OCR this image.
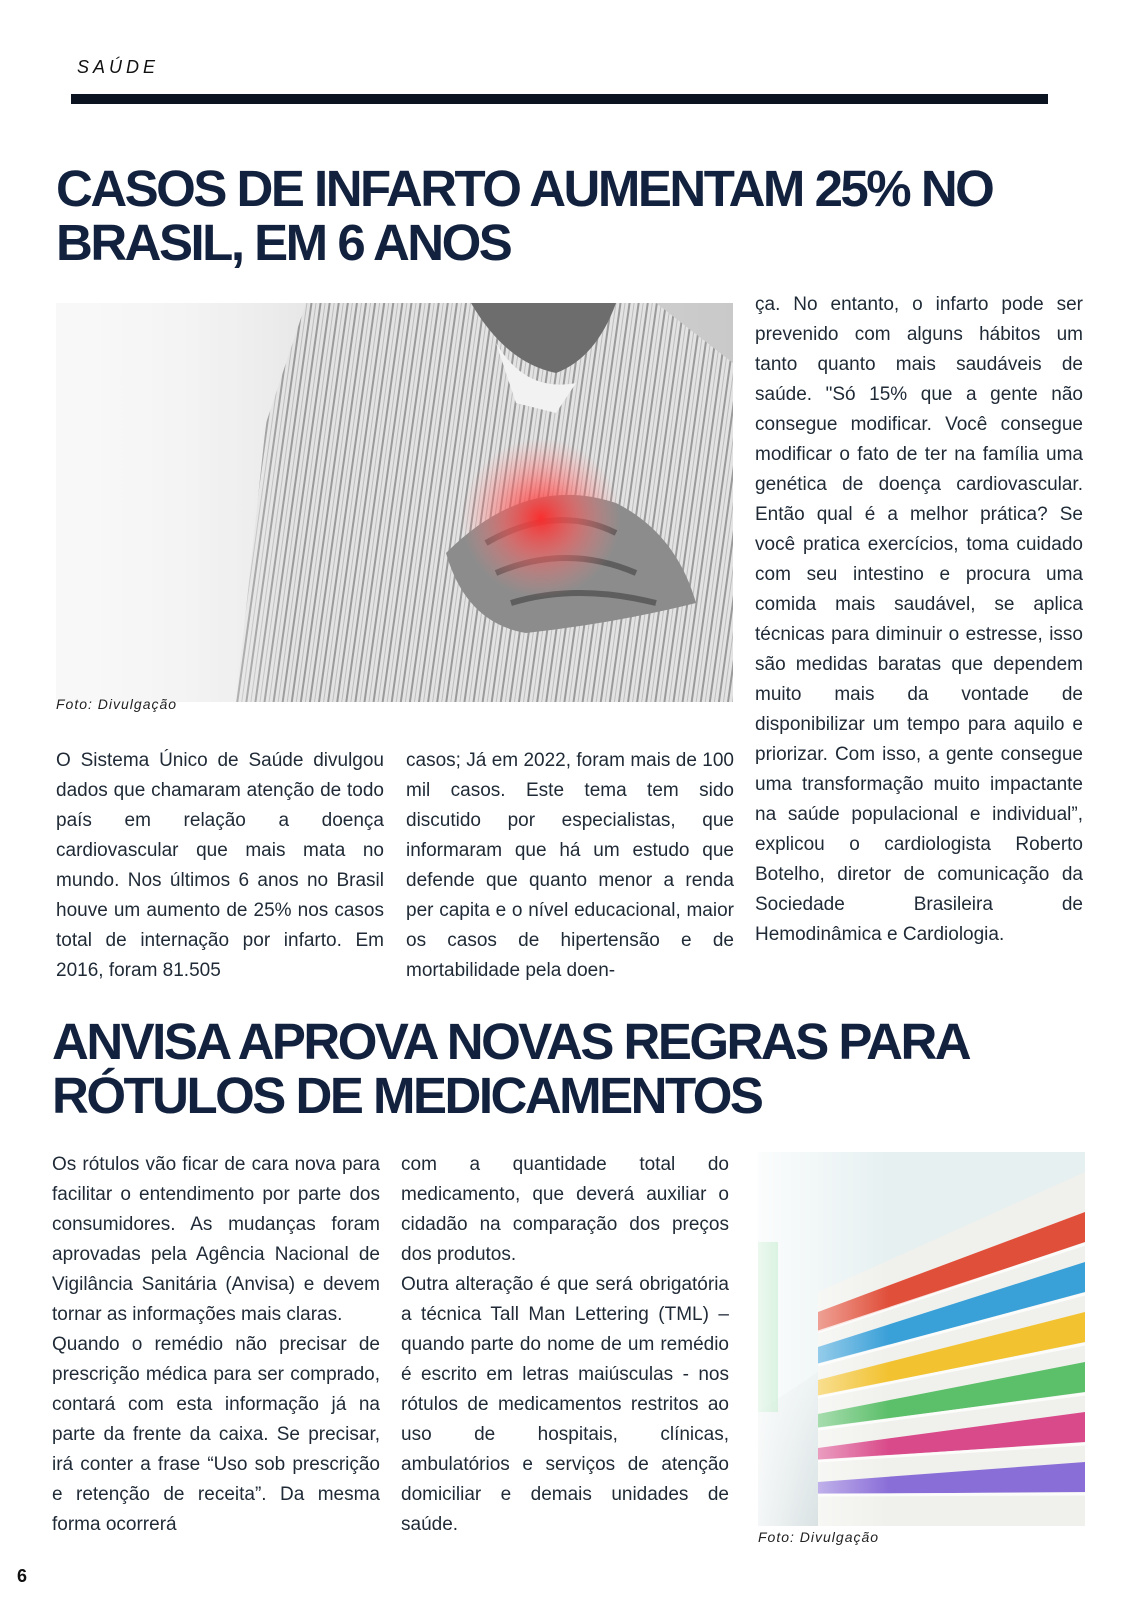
SAÚDE
CASOS DE INFARTO AUMENTAM 25% NO
BRASIL, EM 6 ANOS
Foto: Divulgação

O Sistema Único de Saúde divulgou dados que chamaram atenção de todo país em relação a doença cardiovascular que mais mata no mundo. Nos últimos 6 anos no Brasil houve um aumento de 25% nos casos total de internação por infarto. Em 2016, foram 81.505

casos; Já em 2022, foram mais de 100 mil casos. Este tema tem sido discutido por especialistas, que informaram que há um estudo que defende que quanto menor a renda per capita e o nível educacional, maior os casos de hipertensão e de mortabilidade pela doen-

ça. No entanto, o infarto pode ser prevenido com alguns hábitos um tanto quanto mais saudáveis de saúde. "Só 15% que a gente não consegue modificar. Você consegue modificar o fato de ter na família uma genética de doença cardiovascular. Então qual é a melhor prática? Se você pratica exercícios, toma cuidado com seu intestino e procura uma comida mais saudável, se aplica técnicas para diminuir o estresse, isso são medidas baratas que dependem muito mais da vontade de disponibilizar um tempo para aquilo e priorizar. Com isso, a gente consegue uma transformação muito impactante na saúde populacional e individual”, explicou o cardiologista Roberto Botelho, diretor de comunicação da Sociedade Brasileira de Hemodinâmica e Cardiologia.

ANVISA APROVA NOVAS REGRAS PARA
RÓTULOS DE MEDICAMENTOS

Os rótulos vão ficar de cara nova para facilitar o entendimento por parte dos consumidores. As mudanças foram aprovadas pela Agência Nacional de Vigilância Sanitária (Anvisa) e devem tornar as informações mais claras.

Quando o remédio não precisar de prescrição médica para ser comprado, contará com esta informação já na parte da frente da caixa. Se precisar, irá conter a frase “Uso sob prescrição e retenção de receita”. Da mesma forma ocorrerá

com a quantidade total do medicamento, que deverá auxiliar o cidadão na comparação dos preços dos produtos.

Outra alteração é que será obrigatória a técnica Tall Man Lettering (TML) – quando parte do nome de um remédio é escrito em letras maiúsculas - nos rótulos de medicamentos restritos ao uso de hospitais, clínicas, ambulatórios e serviços de atenção domiciliar e demais unidades de saúde.

Foto: Divulgação
6
